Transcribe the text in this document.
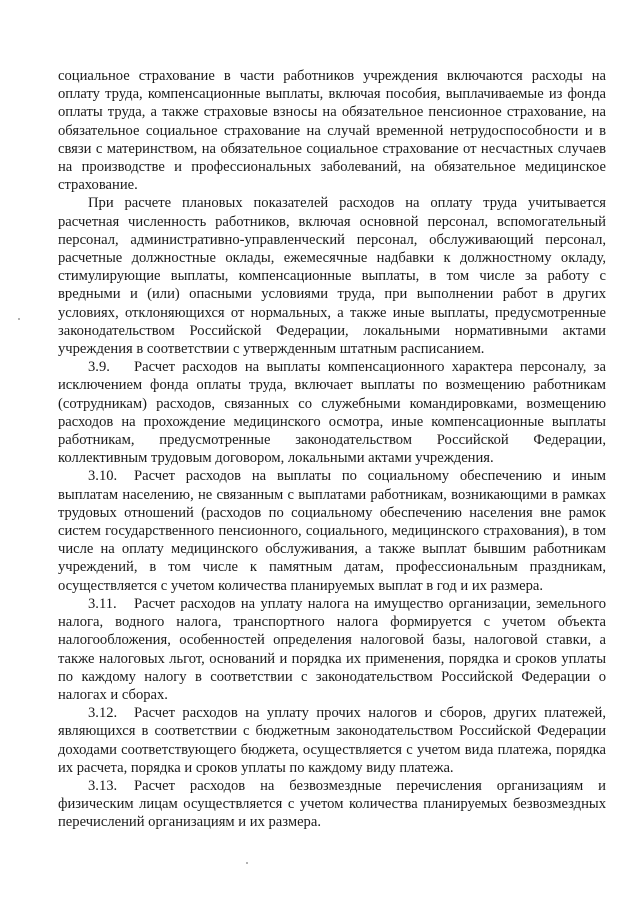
социальное страхование в части работников учреждения включаются расходы на оплату труда, компенсационные выплаты, включая пособия, выплачиваемые из фонда оплаты труда, а также страховые взносы на обязательное пенсионное страхование, на обязательное социальное страхование на случай временной нетрудоспособности и в связи с материнством, на обязательное социальное страхование от несчастных случаев на производстве и профессиональных заболеваний, на обязательное медицинское страхование.

При расчете плановых показателей расходов на оплату труда учитывается расчетная численность работников, включая основной персонал, вспомогательный персонал, административно-управленческий персонал, обслуживающий персонал, расчетные должностные оклады, ежемесячные надбавки к должностному окладу, стимулирующие выплаты, компенсационные выплаты, в том числе за работу с вредными и (или) опасными условиями труда, при выполнении работ в других условиях, отклоняющихся от нормальных, а также иные выплаты, предусмотренные законодательством Российской Федерации, локальными нормативными актами учреждения в соответствии с утвержденным штатным расписанием.

3.9. Расчет расходов на выплаты компенсационного характера персоналу, за исключением фонда оплаты труда, включает выплаты по возмещению работникам (сотрудникам) расходов, связанных со служебными командировками, возмещению расходов на прохождение медицинского осмотра, иные компенсационные выплаты работникам, предусмотренные законодательством Российской Федерации, коллективным трудовым договором, локальными актами учреждения.

3.10. Расчет расходов на выплаты по социальному обеспечению и иным выплатам населению, не связанным с выплатами работникам, возникающими в рамках трудовых отношений (расходов по социальному обеспечению населения вне рамок систем государственного пенсионного, социального, медицинского страхования), в том числе на оплату медицинского обслуживания, а также выплат бывшим работникам учреждений, в том числе к памятным датам, профессиональным праздникам, осуществляется с учетом количества планируемых выплат в год и их размера.

3.11. Расчет расходов на уплату налога на имущество организации, земельного налога, водного налога, транспортного налога формируется с учетом объекта налогообложения, особенностей определения налоговой базы, налоговой ставки, а также налоговых льгот, оснований и порядка их применения, порядка и сроков уплаты по каждому налогу в соответствии с законодательством Российской Федерации о налогах и сборах.

3.12. Расчет расходов на уплату прочих налогов и сборов, других платежей, являющихся в соответствии с бюджетным законодательством Российской Федерации доходами соответствующего бюджета, осуществляется с учетом вида платежа, порядка их расчета, порядка и сроков уплаты по каждому виду платежа.

3.13. Расчет расходов на безвозмездные перечисления организациям и физическим лицам осуществляется с учетом количества планируемых безвозмездных перечислений организациям и их размера.
